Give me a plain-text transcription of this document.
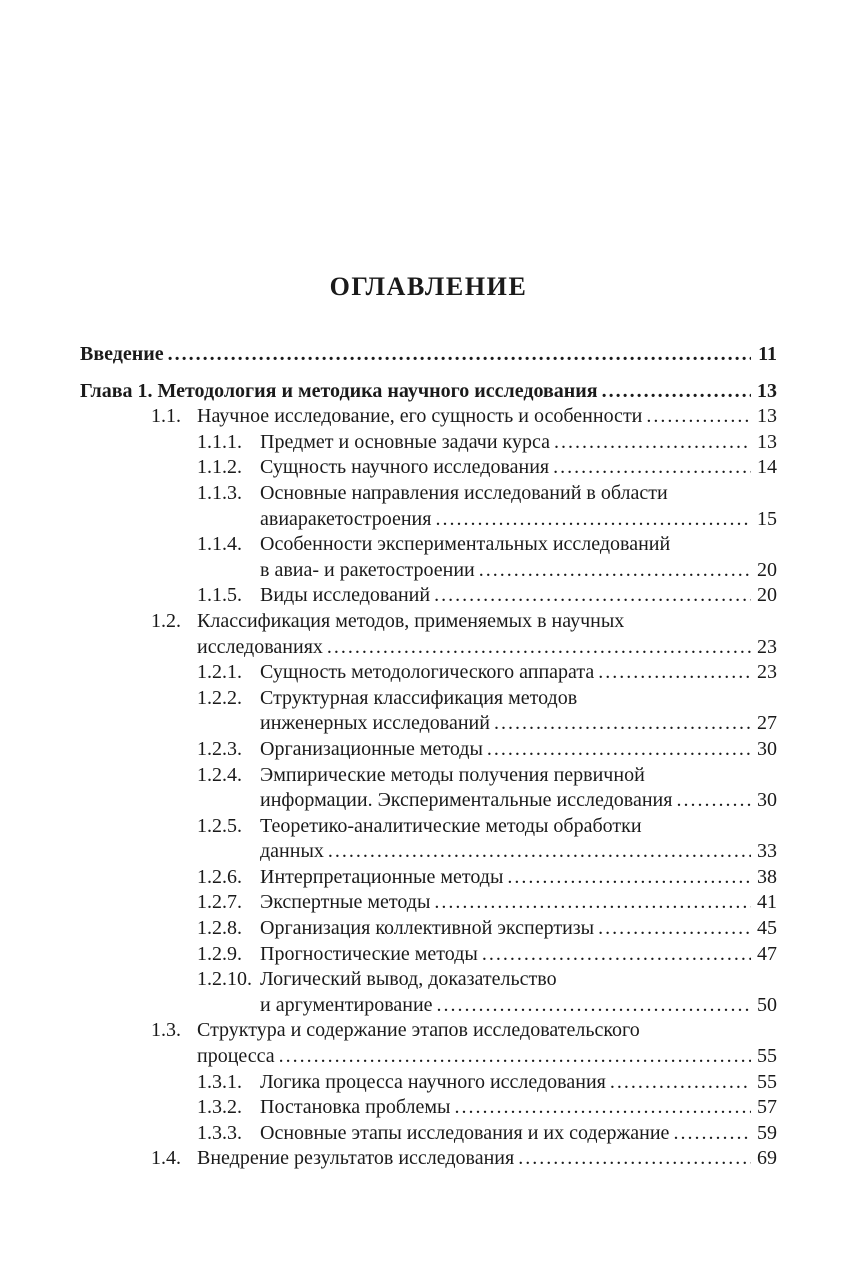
ОГЛАВЛЕНИЕ
Введение .....	11
Глава 1. Методология и методика научного исследования .....	13
1.1. Научное исследование, его сущность и особенности .....	13
1.1.1. Предмет и основные задачи курса .....	13
1.1.2. Сущность научного исследования .....	14
1.1.3. Основные направления исследований в области
авиаракетостроения .....	15
1.1.4. Особенности экспериментальных исследований
в авиа- и ракетостроении .....	20
1.1.5. Виды исследований .....	20
1.2. Классификация методов, применяемых в научных
исследованиях .....	23
1.2.1. Сущность методологического аппарата .....	23
1.2.2. Структурная классификация методов
инженерных исследований .....	27
1.2.3. Организационные методы .....	30
1.2.4. Эмпирические методы получения первичной
информации. Экспериментальные исследования .....	30
1.2.5. Теоретико-аналитические методы обработки
данных .....	33
1.2.6. Интерпретационные методы .....	38
1.2.7. Экспертные методы .....	41
1.2.8. Организация коллективной экспертизы .....	45
1.2.9. Прогностические методы .....	47
1.2.10. Логический вывод, доказательство
и аргументирование .....	50
1.3. Структура и содержание этапов исследовательского
процесса .....	55
1.3.1. Логика процесса научного исследования .....	55
1.3.2. Постановка проблемы .....	57
1.3.3. Основные этапы исследования и их содержание .....	59
1.4. Внедрение результатов исследования .....	69
